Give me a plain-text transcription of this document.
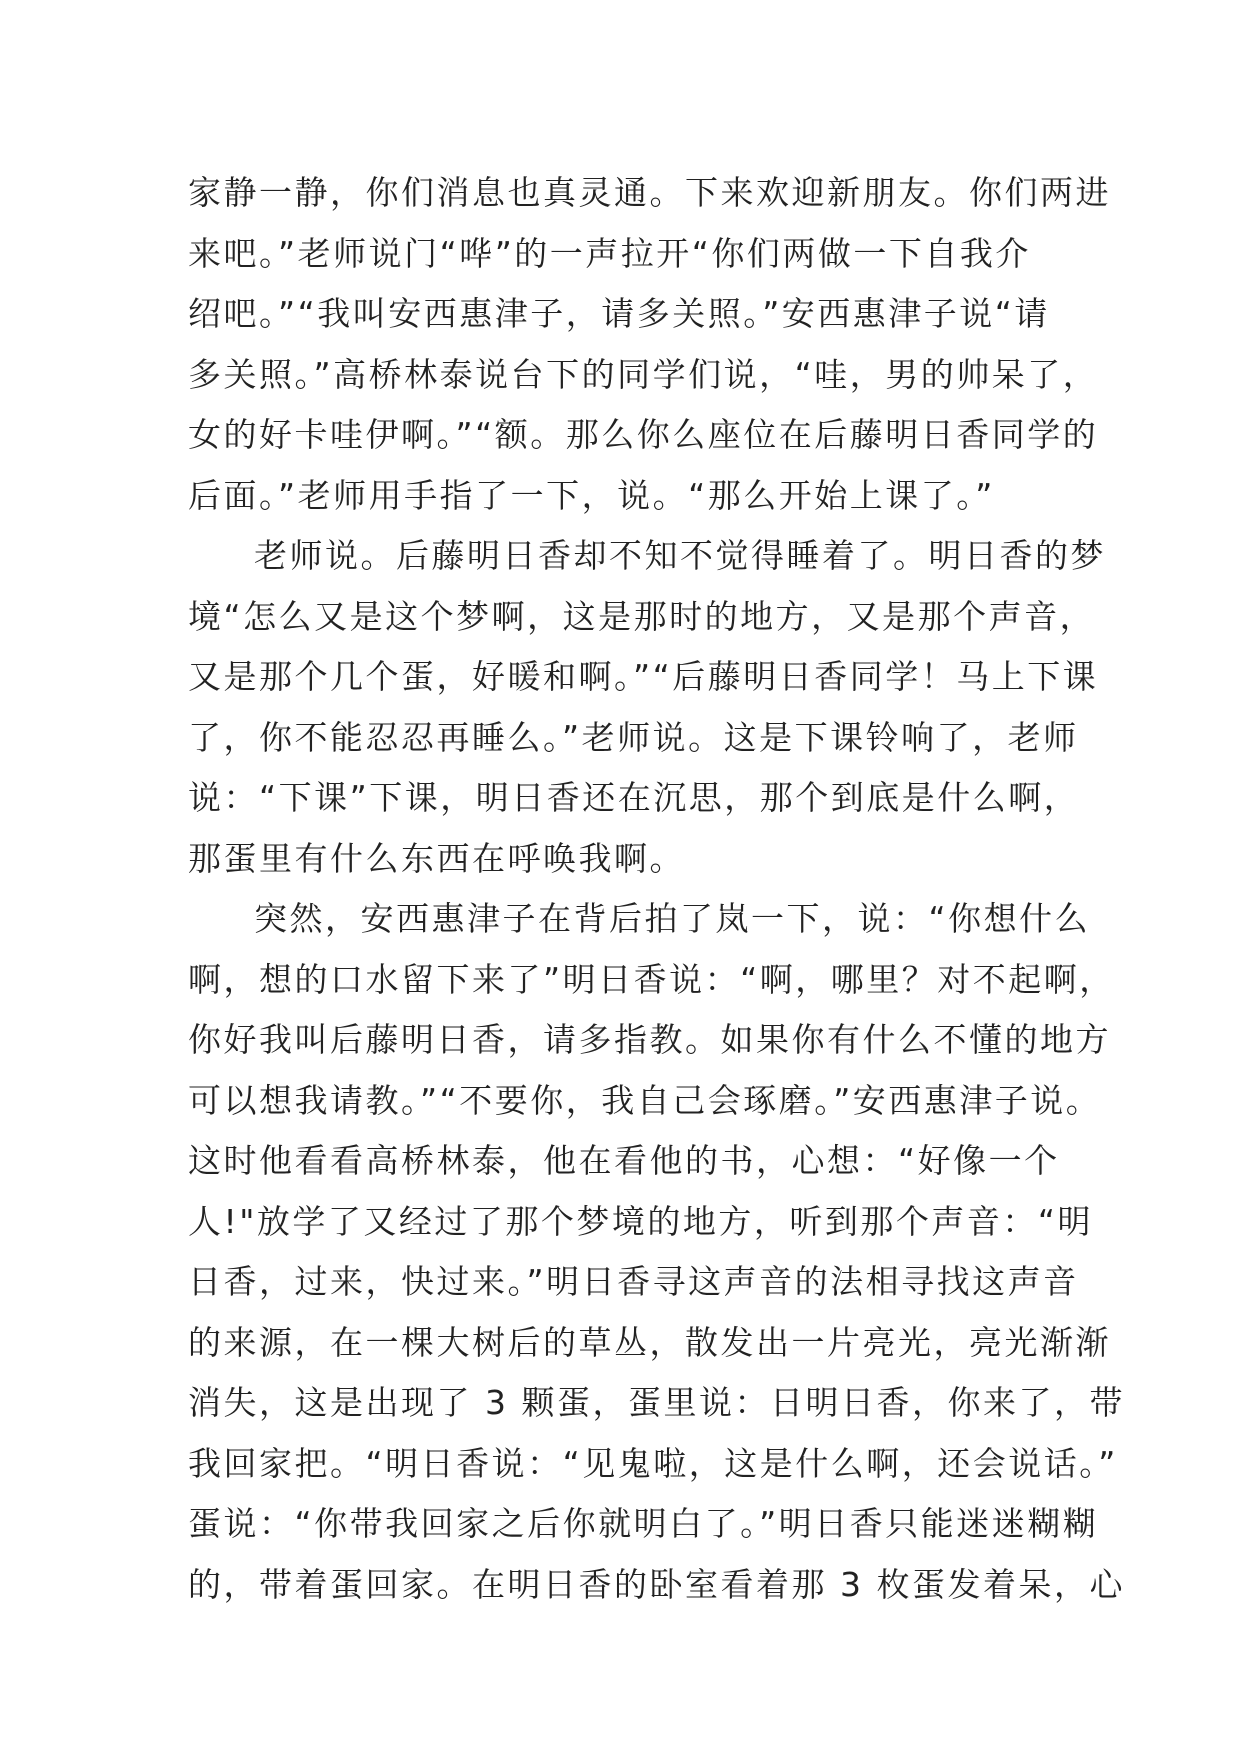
家静一静，你们消息也真灵通。下来欢迎新朋友。你们两进
来吧。”老师说门“哗”的一声拉开“你们两做一下自我介
绍吧。”“我叫安西惠津子，请多关照。”安西惠津子说“请
多关照。”高桥林泰说台下的同学们说，“哇，男的帅呆了，
女的好卡哇伊啊。”“额。那么你么座位在后藤明日香同学的
后面。”老师用手指了一下，说。“那么开始上课了。”
老师说。后藤明日香却不知不觉得睡着了。明日香的梦
境“怎么又是这个梦啊，这是那时的地方，又是那个声音，
又是那个几个蛋，好暖和啊。”“后藤明日香同学！马上下课
了，你不能忍忍再睡么。”老师说。这是下课铃响了，老师
说：“下课”下课，明日香还在沉思，那个到底是什么啊，
那蛋里有什么东西在呼唤我啊。
突然，安西惠津子在背后拍了岚一下，说：“你想什么
啊，想的口水留下来了”明日香说：“啊，哪里？对不起啊，
你好我叫后藤明日香，请多指教。如果你有什么不懂的地方
可以想我请教。”“不要你，我自己会琢磨。”安西惠津子说。
这时他看看高桥林泰，他在看他的书，心想：“好像一个
人!"放学了又经过了那个梦境的地方，听到那个声音：“明
日香，过来，快过来。”明日香寻这声音的法相寻找这声音
的来源，在一棵大树后的草丛，散发出一片亮光，亮光渐渐
消失，这是出现了 3 颗蛋，蛋里说：日明日香，你来了，带
我回家把。“明日香说：“见鬼啦，这是什么啊，还会说话。”
蛋说：“你带我回家之后你就明白了。”明日香只能迷迷糊糊
的，带着蛋回家。在明日香的卧室看着那 3 枚蛋发着呆，心
